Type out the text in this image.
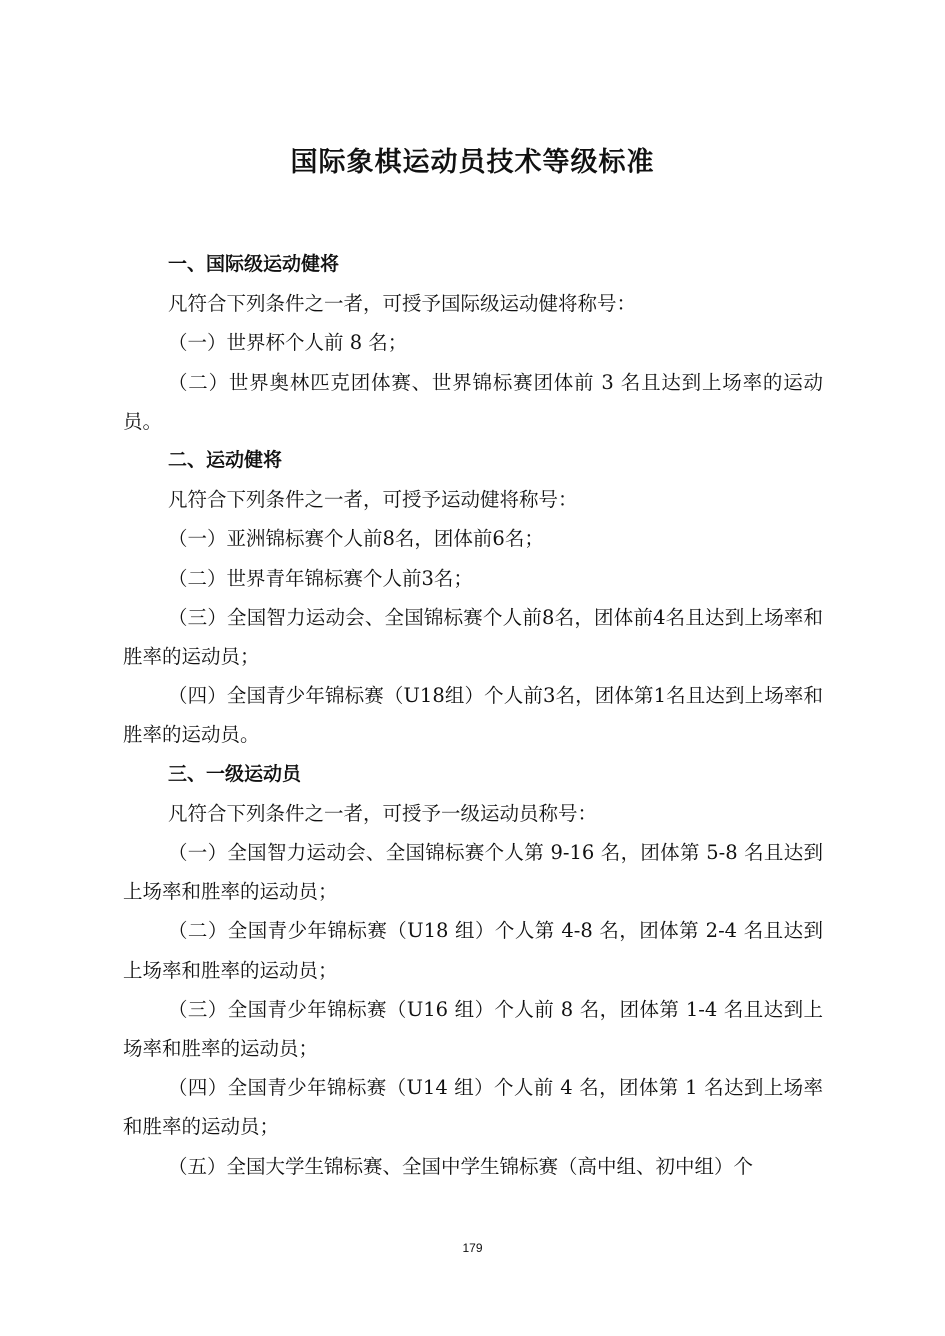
国际象棋运动员技术等级标准
一、国际级运动健将
凡符合下列条件之一者，可授予国际级运动健将称号：
（一）世界杯个人前 8 名；
（二）世界奥林匹克团体赛、世界锦标赛团体前 3 名且达到上场率的运动员。
二、运动健将
凡符合下列条件之一者，可授予运动健将称号：
（一）亚洲锦标赛个人前8名，团体前6名；
（二）世界青年锦标赛个人前3名；
（三）全国智力运动会、全国锦标赛个人前8名，团体前4名且达到上场率和胜率的运动员；
（四）全国青少年锦标赛（U18组）个人前3名，团体第1名且达到上场率和胜率的运动员。
三、一级运动员
凡符合下列条件之一者，可授予一级运动员称号：
（一）全国智力运动会、全国锦标赛个人第 9-16 名，团体第 5-8 名且达到上场率和胜率的运动员；
（二）全国青少年锦标赛（U18 组）个人第 4-8 名，团体第 2-4 名且达到上场率和胜率的运动员；
（三）全国青少年锦标赛（U16 组）个人前 8 名，团体第 1-4 名且达到上场率和胜率的运动员；
（四）全国青少年锦标赛（U14 组）个人前 4 名，团体第 1 名达到上场率和胜率的运动员；
（五）全国大学生锦标赛、全国中学生锦标赛（高中组、初中组）个
179
